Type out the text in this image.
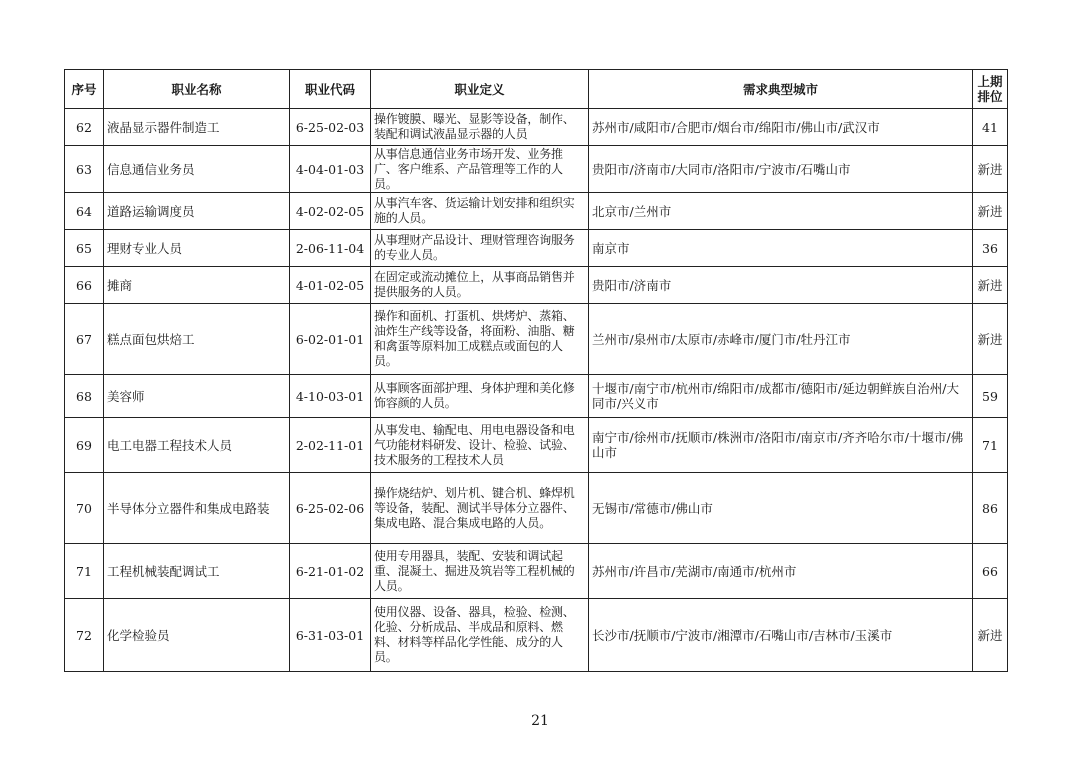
序号	职业名称	职业代码	职业定义	需求典型城市	上期排位
62	液晶显示器件制造工	6-25-02-03	操作镀膜、曝光、显影等设备，制作、装配和调试液晶显示器的人员	苏州市/咸阳市/合肥市/烟台市/绵阳市/佛山市/武汉市	41
63	信息通信业务员	4-04-01-03	从事信息通信业务市场开发、业务推广、客户维系、产品管理等工作的人员。	贵阳市/济南市/大同市/洛阳市/宁波市/石嘴山市	新进
64	道路运输调度员	4-02-02-05	从事汽车客、货运输计划安排和组织实施的人员。	北京市/兰州市	新进
65	理财专业人员	2-06-11-04	从事理财产品设计、理财管理咨询服务的专业人员。	南京市	36
66	摊商	4-01-02-05	在固定或流动摊位上，从事商品销售并提供服务的人员。	贵阳市/济南市	新进
67	糕点面包烘焙工	6-02-01-01	操作和面机、打蛋机、烘烤炉、蒸箱、油炸生产线等设备，将面粉、油脂、糖和禽蛋等原料加工成糕点或面包的人员。	兰州市/泉州市/太原市/赤峰市/厦门市/牡丹江市	新进
68	美容师	4-10-03-01	从事顾客面部护理、身体护理和美化修饰容颜的人员。	十堰市/南宁市/杭州市/绵阳市/成都市/德阳市/延边朝鲜族自治州/大同市/兴义市	59
69	电工电器工程技术人员	2-02-11-01	从事发电、输配电、用电电器设备和电气功能材料研发、设计、检验、试验、技术服务的工程技术人员	南宁市/徐州市/抚顺市/株洲市/洛阳市/南京市/齐齐哈尔市/十堰市/佛山市	71
70	半导体分立器件和集成电路装	6-25-02-06	操作烧结炉、划片机、键合机、蜂焊机等设备，装配、测试半导体分立器件、集成电路、混合集成电路的人员。	无锡市/常德市/佛山市	86
71	工程机械装配调试工	6-21-01-02	使用专用器具，装配、安装和调试起重、混凝土、掘进及筑岩等工程机械的人员。	苏州市/许昌市/芜湖市/南通市/杭州市	66
72	化学检验员	6-31-03-01	使用仪器、设备、器具，检验、检测、化验、分析成品、半成品和原料、燃料、材料等样品化学性能、成分的人员。	长沙市/抚顺市/宁波市/湘潭市/石嘴山市/吉林市/玉溪市	新进
21
